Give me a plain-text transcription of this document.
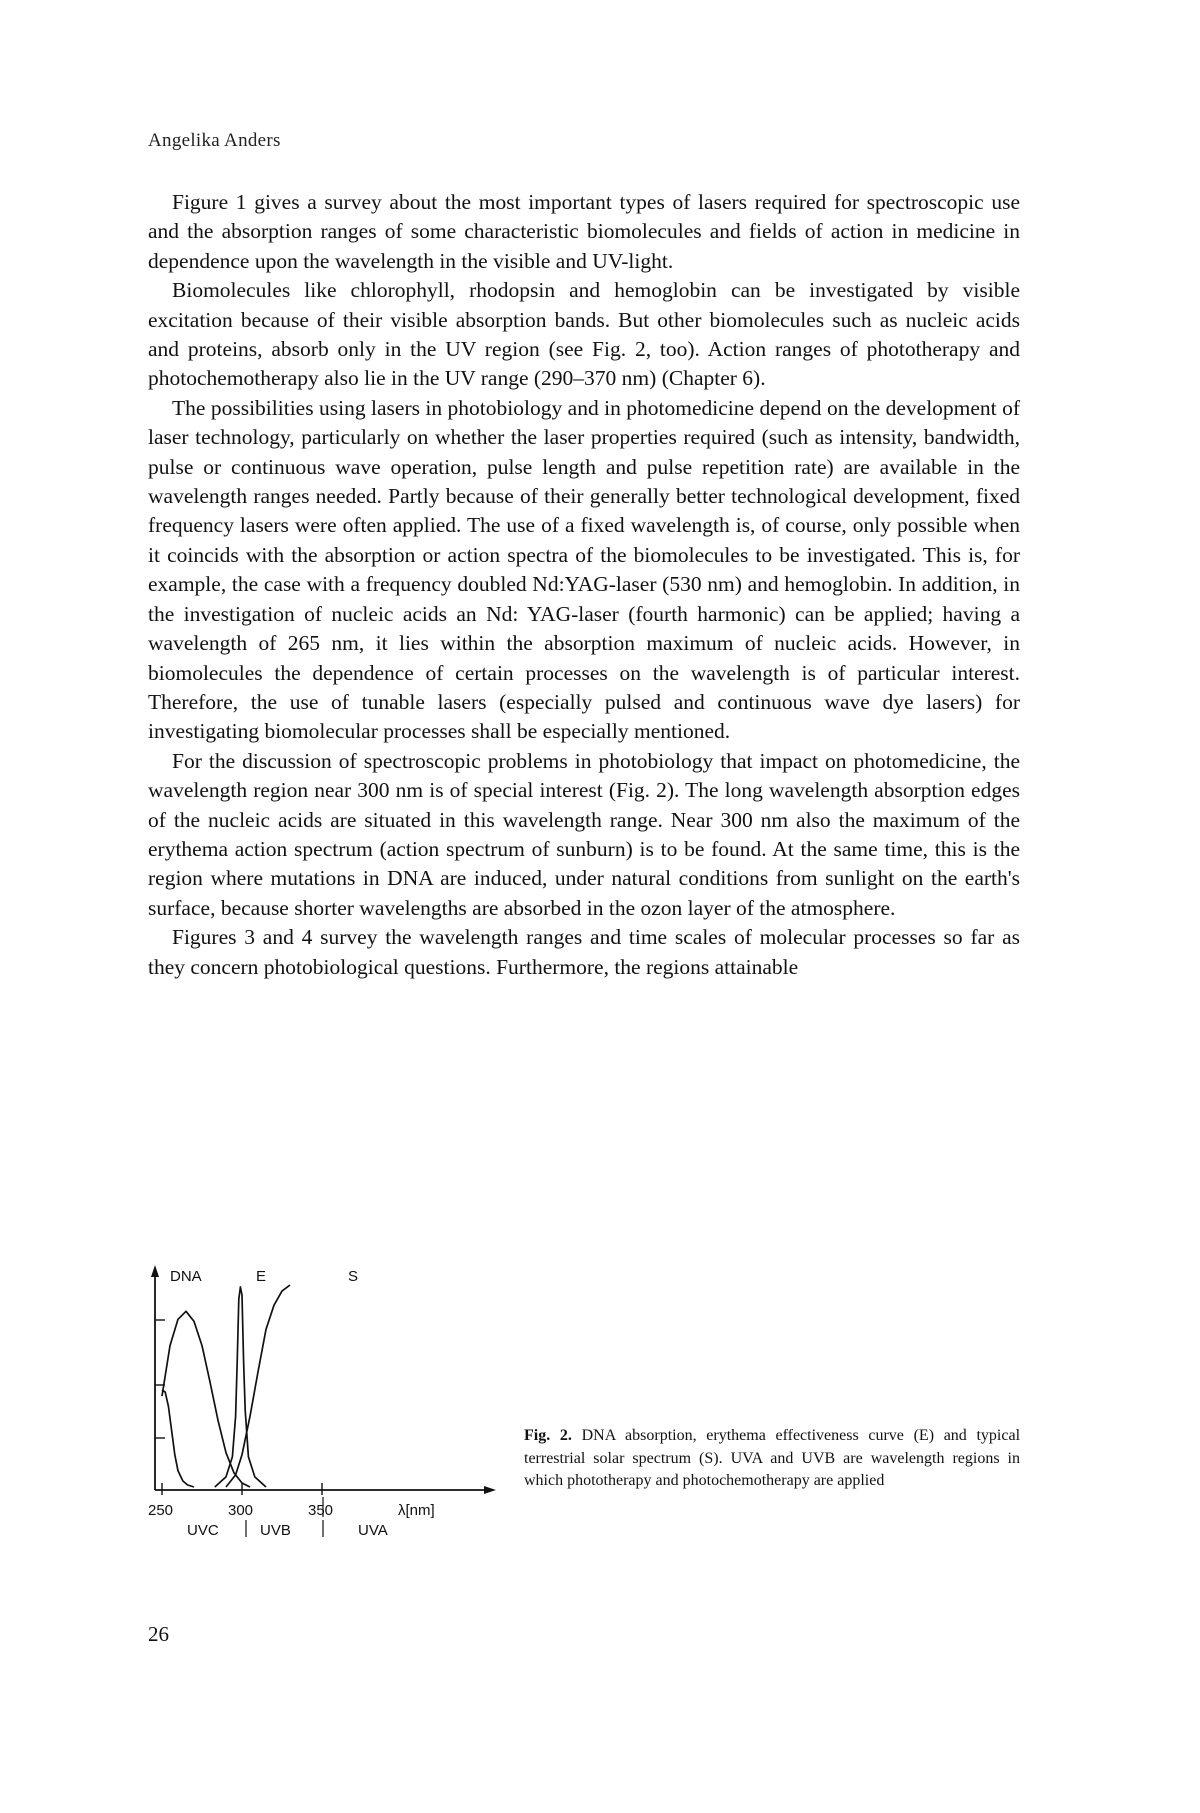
Angelika Anders

Figure 1 gives a survey about the most important types of lasers required for spectroscopic use and the absorption ranges of some characteristic biomolecules and fields of action in medicine in dependence upon the wavelength in the visible and UV-light.

Biomolecules like chlorophyll, rhodopsin and hemoglobin can be investigated by visible excitation because of their visible absorption bands. But other biomolecules such as nucleic acids and proteins, absorb only in the UV region (see Fig. 2, too). Action ranges of phototherapy and photochemotherapy also lie in the UV range (290–370 nm) (Chapter 6).

The possibilities using lasers in photobiology and in photomedicine depend on the development of laser technology, particularly on whether the laser properties required (such as intensity, bandwidth, pulse or continuous wave operation, pulse length and pulse repetition rate) are available in the wavelength ranges needed. Partly because of their generally better technological development, fixed frequency lasers were often applied. The use of a fixed wavelength is, of course, only possible when it coincids with the absorption or action spectra of the biomolecules to be investigated. This is, for example, the case with a frequency doubled Nd:YAG-laser (530 nm) and hemoglobin. In addition, in the investigation of nucleic acids an Nd: YAG-laser (fourth harmonic) can be applied; having a wavelength of 265 nm, it lies within the absorption maximum of nucleic acids. However, in biomolecules the dependence of certain processes on the wavelength is of particular interest. Therefore, the use of tunable lasers (especially pulsed and continuous wave dye lasers) for investigating biomolecular processes shall be especially mentioned.

For the discussion of spectroscopic problems in photobiology that impact on photomedicine, the wavelength region near 300 nm is of special interest (Fig. 2). The long wavelength absorption edges of the nucleic acids are situated in this wavelength range. Near 300 nm also the maximum of the erythema action spectrum (action spectrum of sunburn) is to be found. At the same time, this is the region where mutations in DNA are induced, under natural conditions from sunlight on the earth's surface, because shorter wavelengths are absorbed in the ozon layer of the atmosphere.

Figures 3 and 4 survey the wavelength ranges and time scales of molecular processes so far as they concern photobiological questions. Furthermore, the regions attainable

250	300	350
DNA	E	S
λ[nm]
UVC	UVB	UVA
Fig. 2. DNA absorption, erythema effectiveness curve (E) and typical terrestrial solar spectrum (S). UVA and UVB are wavelength regions in which phototherapy and photochemotherapy are applied
26
